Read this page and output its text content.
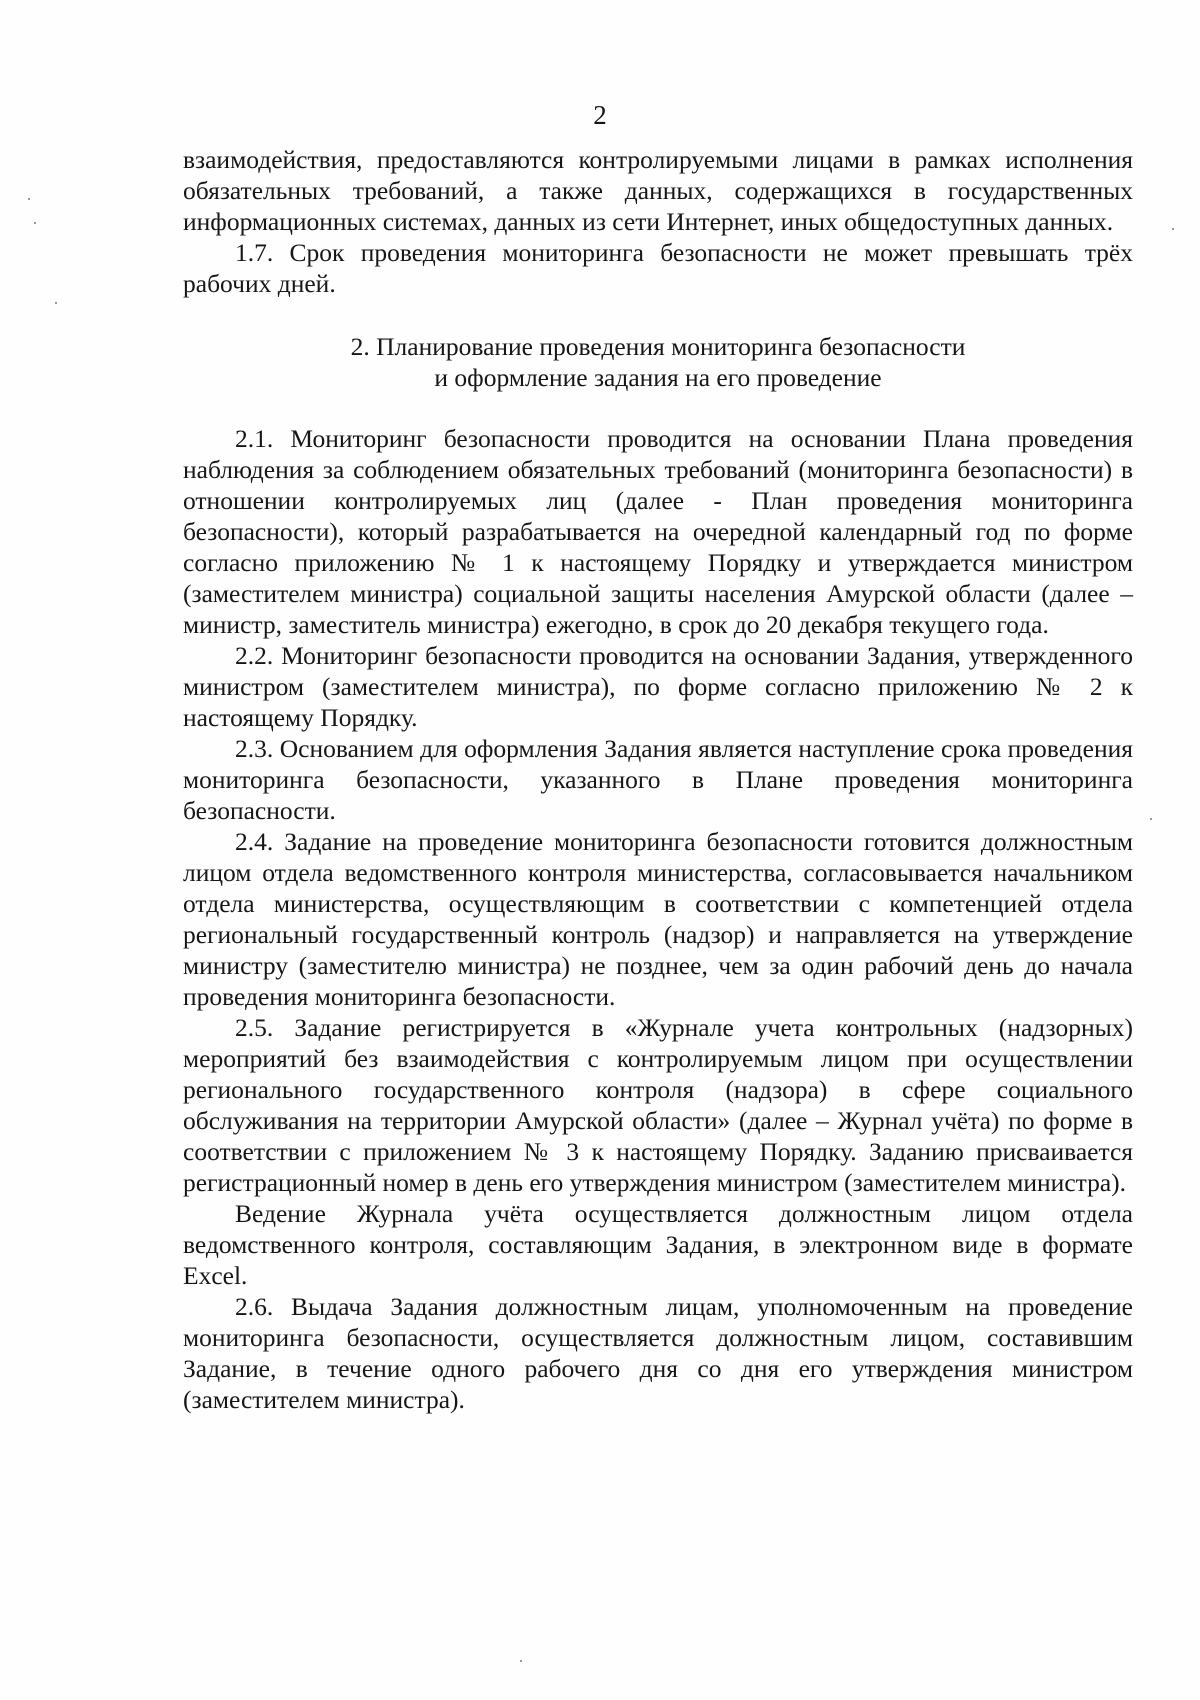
2

взаимодействия, предоставляются контролируемыми лицами в рамках исполнения обязательных требований, а также данных, содержащихся в государственных информационных системах, данных из сети Интернет, иных общедоступных данных.

1.7. Срок проведения мониторинга безопасности не может превышать трёх рабочих дней.

2. Планирование проведения мониторинга безопасности
и оформление задания на его проведение

2.1. Мониторинг безопасности проводится на основании Плана проведения наблюдения за соблюдением обязательных требований (мониторинга безопасности) в отношении контролируемых лиц (далее - План проведения мониторинга безопасности), который разрабатывается на очередной календарный год по форме согласно приложению № 1 к настоящему Порядку и утверждается министром (заместителем министра) социальной защиты населения Амурской области (далее – министр, заместитель министра) ежегодно, в срок до 20 декабря текущего года.

2.2. Мониторинг безопасности проводится на основании Задания, утвержденного министром (заместителем министра), по форме согласно приложению № 2 к настоящему Порядку.

2.3. Основанием для оформления Задания является наступление срока проведения мониторинга безопасности, указанного в Плане проведения мониторинга безопасности.

2.4. Задание на проведение мониторинга безопасности готовится должностным лицом отдела ведомственного контроля министерства, согласовывается начальником отдела министерства, осуществляющим в соответствии с компетенцией отдела региональный государственный контроль (надзор) и направляется на утверждение министру (заместителю министра) не позднее, чем за один рабочий день до начала проведения мониторинга безопасности.

2.5. Задание регистрируется в «Журнале учета контрольных (надзорных) мероприятий без взаимодействия с контролируемым лицом при осуществлении регионального государственного контроля (надзора) в сфере социального обслуживания на территории Амурской области» (далее – Журнал учёта) по форме в соответствии с приложением № 3 к настоящему Порядку. Заданию присваивается регистрационный номер в день его утверждения министром (заместителем министра).

Ведение Журнала учёта осуществляется должностным лицом отдела ведомственного контроля, составляющим Задания, в электронном виде в формате Excel.

2.6. Выдача Задания должностным лицам, уполномоченным на проведение мониторинга безопасности, осуществляется должностным лицом, составившим Задание, в течение одного рабочего дня со дня его утверждения министром (заместителем министра).
